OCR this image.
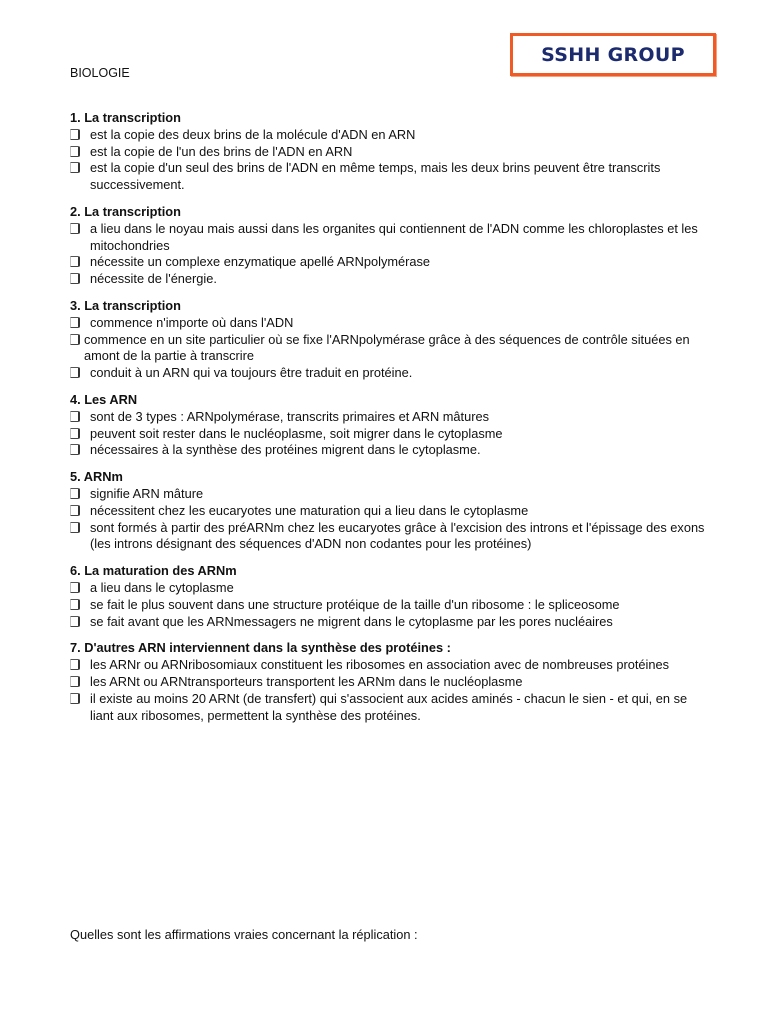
SSHH GROUP
BIOLOGIE
1. La transcription
est la copie des deux brins de la molécule d'ADN en ARN
est la copie de l'un des brins de l'ADN en ARN
est la copie d'un seul des brins de l'ADN en même temps, mais les deux brins peuvent être transcrits successivement.
2. La transcription
a lieu dans le noyau mais aussi dans les organites qui contiennent de l'ADN comme les chloroplastes et les mitochondries
nécessite un complexe enzymatique apellé ARNpolymérase
nécessite de l'énergie.
3. La transcription
commence n'importe où dans l'ADN
commence en un site particulier où se fixe l'ARNpolymérase grâce à des séquences de contrôle situées en amont de la partie à transcrire
conduit à un ARN qui va toujours être traduit en protéine.
4. Les ARN
sont de 3 types : ARNpolymérase, transcrits primaires et ARN mâtures
peuvent soit rester dans le nucléoplasme, soit migrer dans le cytoplasme
nécessaires à la synthèse des protéines migrent dans le cytoplasme.
5. ARNm
signifie ARN mâture
nécessitent chez les eucaryotes une maturation qui a lieu dans le cytoplasme
sont formés à partir des préARNm chez les eucaryotes grâce à l'excision des introns et l'épissage des exons (les introns désignant des séquences d'ADN non codantes pour les protéines)
6. La maturation des ARNm
a lieu dans le cytoplasme
se fait le plus souvent dans une structure protéique de la taille d'un ribosome : le spliceosome
se fait avant que les ARNmessagers ne migrent dans le cytoplasme par les pores nucléaires
7. D'autres ARN interviennent dans la synthèse des protéines :
les ARNr ou ARNribosomiaux constituent les ribosomes en association avec de nombreuses protéines
les ARNt ou ARNtransporteurs transportent les ARNm dans le nucléoplasme
il existe au moins 20 ARNt (de transfert) qui s'associent aux acides aminés - chacun le sien - et qui, en se liant aux ribosomes, permettent la synthèse des protéines.
Quelles sont les affirmations vraies concernant la réplication :
